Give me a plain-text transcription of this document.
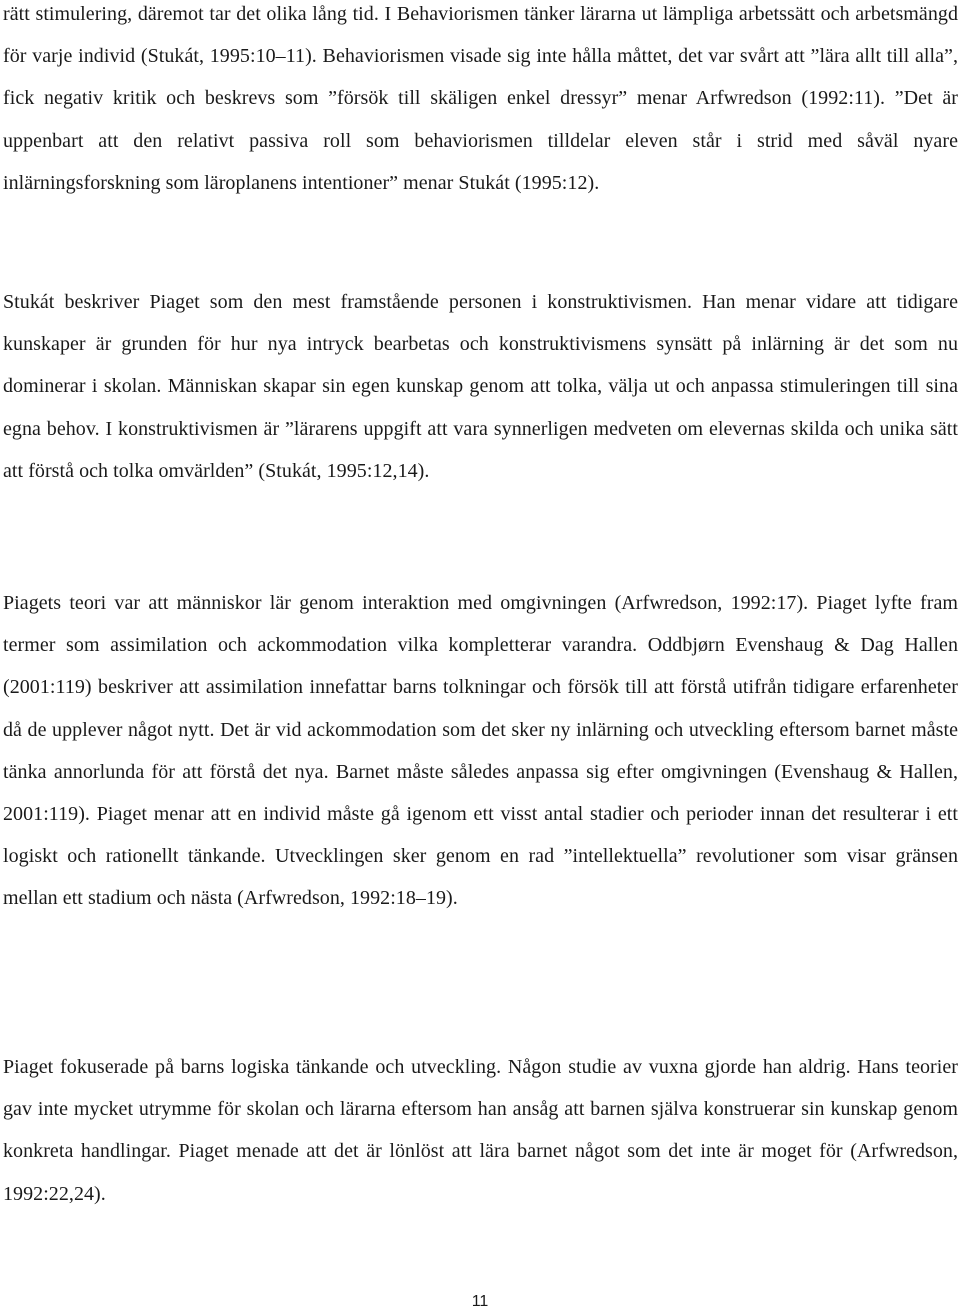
rätt stimulering, däremot tar det olika lång tid. I Behaviorismen tänker lärarna ut lämpliga arbetssätt och arbetsmängd för varje individ (Stukát, 1995:10–11). Behaviorismen visade sig inte hålla måttet, det var svårt att ”lära allt till alla”, fick negativ kritik och beskrevs som ”försök till skäligen enkel dressyr” menar Arfwredson (1992:11). ”Det är uppenbart att den relativt passiva roll som behaviorismen tilldelar eleven står i strid med såväl nyare inlärningsforskning som läroplanens intentioner” menar Stukát (1995:12).

Stukát beskriver Piaget som den mest framstående personen i konstruktivismen. Han menar vidare att tidigare kunskaper är grunden för hur nya intryck bearbetas och konstruktivismens synsätt på inlärning är det som nu dominerar i skolan. Människan skapar sin egen kunskap genom att tolka, välja ut och anpassa stimuleringen till sina egna behov. I konstruktivismen är ”lärarens uppgift att vara synnerligen medveten om elevernas skilda och unika sätt att förstå och tolka omvärlden” (Stukát, 1995:12,14).

Piagets teori var att människor lär genom interaktion med omgivningen (Arfwredson, 1992:17). Piaget lyfte fram termer som assimilation och ackommodation vilka kompletterar varandra. Oddbjørn Evenshaug & Dag Hallen (2001:119) beskriver att assimilation innefattar barns tolkningar och försök till att förstå utifrån tidigare erfarenheter då de upplever något nytt. Det är vid ackommodation som det sker ny inlärning och utveckling eftersom barnet måste tänka annorlunda för att förstå det nya. Barnet måste således anpassa sig efter omgivningen (Evenshaug & Hallen, 2001:119). Piaget menar att en individ måste gå igenom ett visst antal stadier och perioder innan det resulterar i ett logiskt och rationellt tänkande. Utvecklingen sker genom en rad ”intellektuella” revolutioner som visar gränsen mellan ett stadium och nästa (Arfwredson, 1992:18–19).

Piaget fokuserade på barns logiska tänkande och utveckling. Någon studie av vuxna gjorde han aldrig. Hans teorier gav inte mycket utrymme för skolan och lärarna eftersom han ansåg att barnen själva konstruerar sin kunskap genom konkreta handlingar. Piaget menade att det är lönlöst att lära barnet något som det inte är moget för (Arfwredson, 1992:22,24).

11
